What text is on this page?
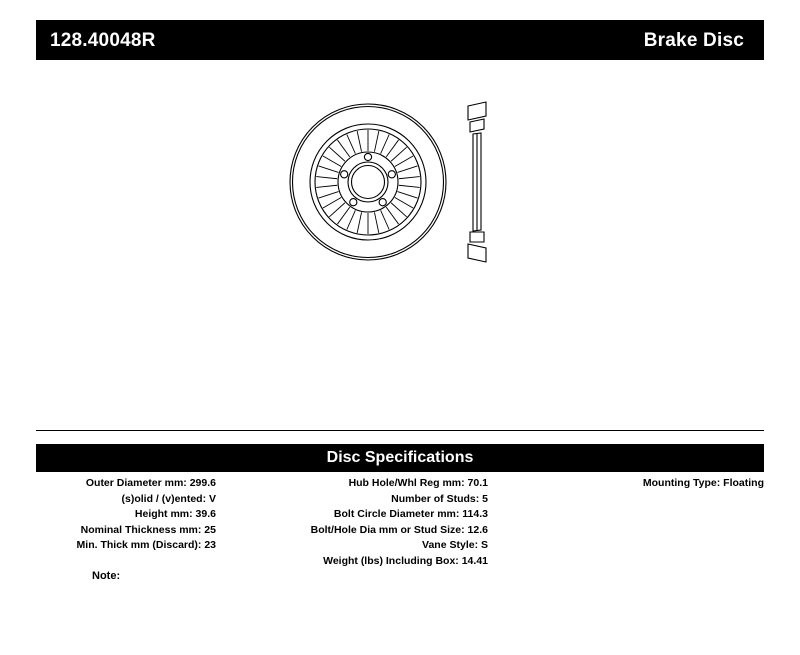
128.40048R	Brake Disc
Disc Specifications
Outer Diameter mm: 299.6
(s)olid / (v)ented: V
Height mm: 39.6
Nominal Thickness mm: 25
Min. Thick mm (Discard): 23
Hub Hole/Whl Reg mm: 70.1
Number of Studs: 5
Bolt Circle Diameter mm: 114.3
Bolt/Hole Dia mm or Stud Size: 12.6
Vane Style: S
Weight (lbs) Including Box: 14.41
Mounting Type: Floating
Note:
